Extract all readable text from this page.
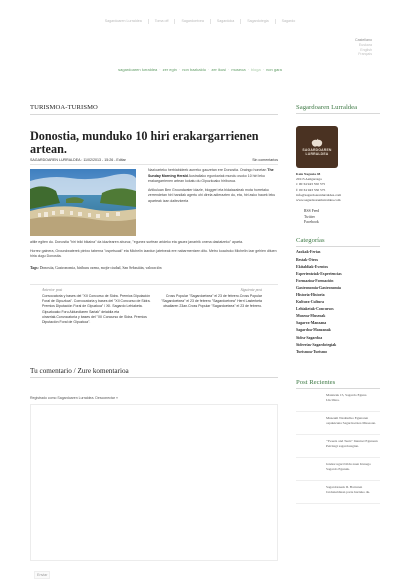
Sagardoaren Lurraldea	Toma off	Sagardoetxea	Sagardoka	Sagardotegia	Sagardo
Castellano
Euskara
English
Français
sagardoaren lurraldea · zer egin · non bazkaldu · zer ikusi · museoa · bloga · non gara
TURISMOA-TURISMO
Donostia, munduko 10 hiri erakargarrienen artean.
SAGARDOAREN LURRALDEA : 11/02/2013 - 15:26 - Editar	Sin comentarios

Nazioarteko herbiabideek aurreko gauzetan ere Donostia. Oraingo honetan The Sunday Morning Herald Australiako egunkariak mundu osoko 10 hiri leku erakargarrienen artean kokatu du Gipuzkoako hiriburua.

Artikuluan Ben Groundwater idazle, bloggeri eta bidaiazaleak mota horretako zerrendetan hiri handiak agertu ohi direla adierazten du, eta, hiri asko hauek leku aparteak izan daitezkeela

aitile egiten du. Donostia "hiri txiki bikaina" da idazlearen aburuz, "egunez surfean arideko eta gauez janaririk onena dastatzeko" aparta.

Horrez gainera, Groundwaterek pintxo taberna "ospetsuak" eta Michelin izardun jatetxeak ere nabarmentzen ditu. Metro koadroko Michelin izar gehien dituen hiria dugu Donostia.

Tags: Donostia, Gastronomia, hiriburu ozena, mojte ciudad, San Sebastián, valoración
Anterior post
Convocatoria y bases del "XII Concurso de Sidra. Premios Diputación Foral de Gipuzkoa". Convocatoria y bases del "XII Concurso de Sidra. Premios Diputación Foral de Gipuzkoa" / XII. Sagardo Lehiaketa. Gipuzkoako Foru Aldundiaren Sariak" deialdia eta oinarriak.Convocatoria y bases del "XII Concurso de Sidra. Premios Diputación Foral de Gipuzkoa".
Siguiente post
Cross Popular "Sagardoetxea" el 23 de febrero.Cross Popular "Sagardoetxea" el 23 de febrero "Sagardoetxea" Herri Lasterketa otsailaren 23an.Cross Popular "Sagardoetxea" el 23 de febrero.
Tu comentario / Zure komentarioa
Registrado como Sagardoaren Lurraldea. Desconectar »
Enviar
Sagardoaren Lurraldea
SAGARDOAREN
LURRALDEA
Kale Nagusia 48
20115 Astigarraga
t: 00 34 943 550 575
f: 00 34 943 550 575
info@sagardoarenlurraldea.com
www.sagardoarenlurraldea.com
RSS Feed
Twitter
Facebook
Categorías
Azokak-Ferias
Bestak-Otros
Ekitaldiak-Eventos
Esperientziak-Experiencias
Formazioa-Formación
Gastronomia-Gastronomía
Historia-Historia
Kultura-Cultura
Lehiaketak-Concursos
Museoa-Museoak
Sagarra-Manzana
Sagardoa-Manzanak
Sidra-Sagardoa
Sidrerías-Sagardotegiak
Turismoa-Turismo
Post Recientes
Maiatzak 15, Sagardo Eguna Unciblea.
Museum Nasituriko Egunaren ospakizuna Sagardoetxea Museoan.
"Tweets and Teets" Internet Egunean Petritegi sagardotegian.
Jendez ugari bildu zuen Irunego Sagardo Egunak.
Sagardotzeek II. Barruren Jardunaldiean parte hartuko du.
